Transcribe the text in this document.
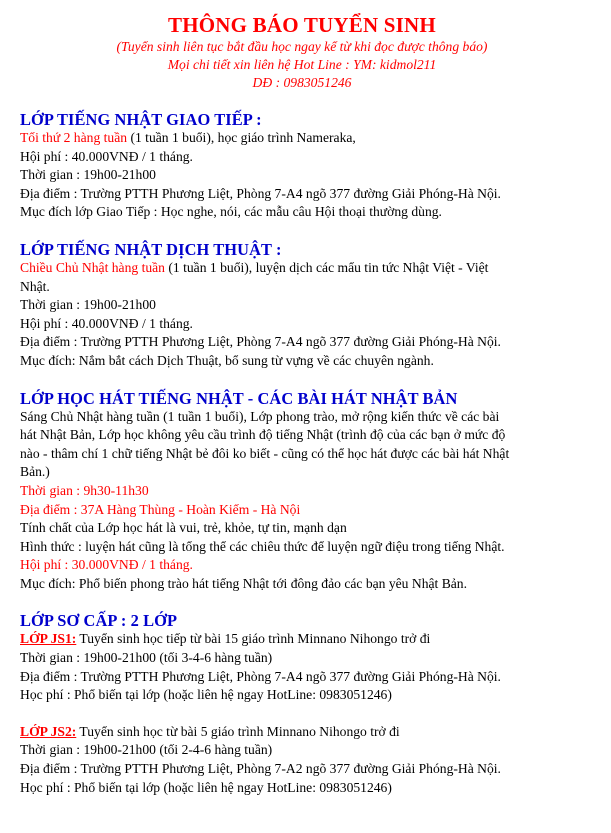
THÔNG BÁO TUYỂN SINH
(Tuyển sinh liên tục bắt đầu học ngay kể từ khi đọc được thông báo)
Mọi chi tiết xin liên hệ Hot Line : YM: kidmol211
DĐ : 0983051246
LỚP TIẾNG NHẬT GIAO TIẾP :
Tối thứ 2 hàng tuần (1 tuần 1 buổi), học giáo trình Nameraka,
Hội phí : 40.000VNĐ / 1 tháng.
Thời gian : 19h00-21h00
Địa điểm : Trường PTTH Phương Liệt, Phòng 7-A4 ngõ 377 đường Giải Phóng-Hà Nội.
Mục đích lớp Giao Tiếp : Học nghe, nói, các mẫu câu Hội thoại thường dùng.
LỚP TIẾNG NHẬT DỊCH THUẬT :
Chiều Chủ Nhật hàng tuần (1 tuần 1 buổi), luyện dịch các mẩu tin tức Nhật Việt - Việt
Nhật.
Thời gian : 19h00-21h00
Hội phí : 40.000VNĐ / 1 tháng.
Địa điểm : Trường PTTH Phương Liệt, Phòng 7-A4 ngõ 377 đường Giải Phóng-Hà Nội.
Mục đích: Nắm bắt cách Dịch Thuật, bổ sung từ vựng về các chuyên ngành.
LỚP HỌC HÁT TIẾNG NHẬT - CÁC BÀI HÁT NHẬT BẢN
Sáng Chủ Nhật hàng tuần (1 tuần 1 buổi), Lớp phong trào, mở rộng kiến thức về các bài
hát Nhật Bản, Lớp học không yêu cầu trình độ tiếng Nhật (trình độ của các bạn ở mức độ
nào - thâm chí 1 chữ tiếng Nhật bẻ đôi ko biết - cũng có thể học hát được các bài hát Nhật
Bản.)
Thời gian : 9h30-11h30
Địa điểm : 37A Hàng Thùng - Hoàn Kiếm - Hà Nội
Tính chất của Lớp học hát là vui, trẻ, khỏe, tự tin, mạnh dạn
Hình thức : luyện hát cũng là tổng thể các chiêu thức để luyện ngữ điệu trong tiếng Nhật.
Hội phí : 30.000VNĐ / 1 tháng.
Mục đích: Phổ biến phong trào hát tiếng Nhật tới đông đảo các bạn yêu Nhật Bản.
LỚP SƠ CẤP : 2 LỚP
LỚP JS1: Tuyển sinh học tiếp từ bài 15 giáo trình Minnano Nihongo trở đi
Thời gian : 19h00-21h00 (tối 3-4-6 hàng tuần)
Địa điểm : Trường PTTH Phương Liệt, Phòng 7-A4 ngõ 377 đường Giải Phóng-Hà Nội.
Học phí : Phổ biến tại lớp (hoặc liên hệ ngay HotLine: 0983051246)
LỚP JS2: Tuyển sinh học từ bài 5 giáo trình Minnano Nihongo trở đi
Thời gian : 19h00-21h00 (tối 2-4-6 hàng tuần)
Địa điểm : Trường PTTH Phương Liệt, Phòng 7-A2 ngõ 377 đường Giải Phóng-Hà Nội.
Học phí : Phổ biến tại lớp (hoặc liên hệ ngay HotLine: 0983051246)
